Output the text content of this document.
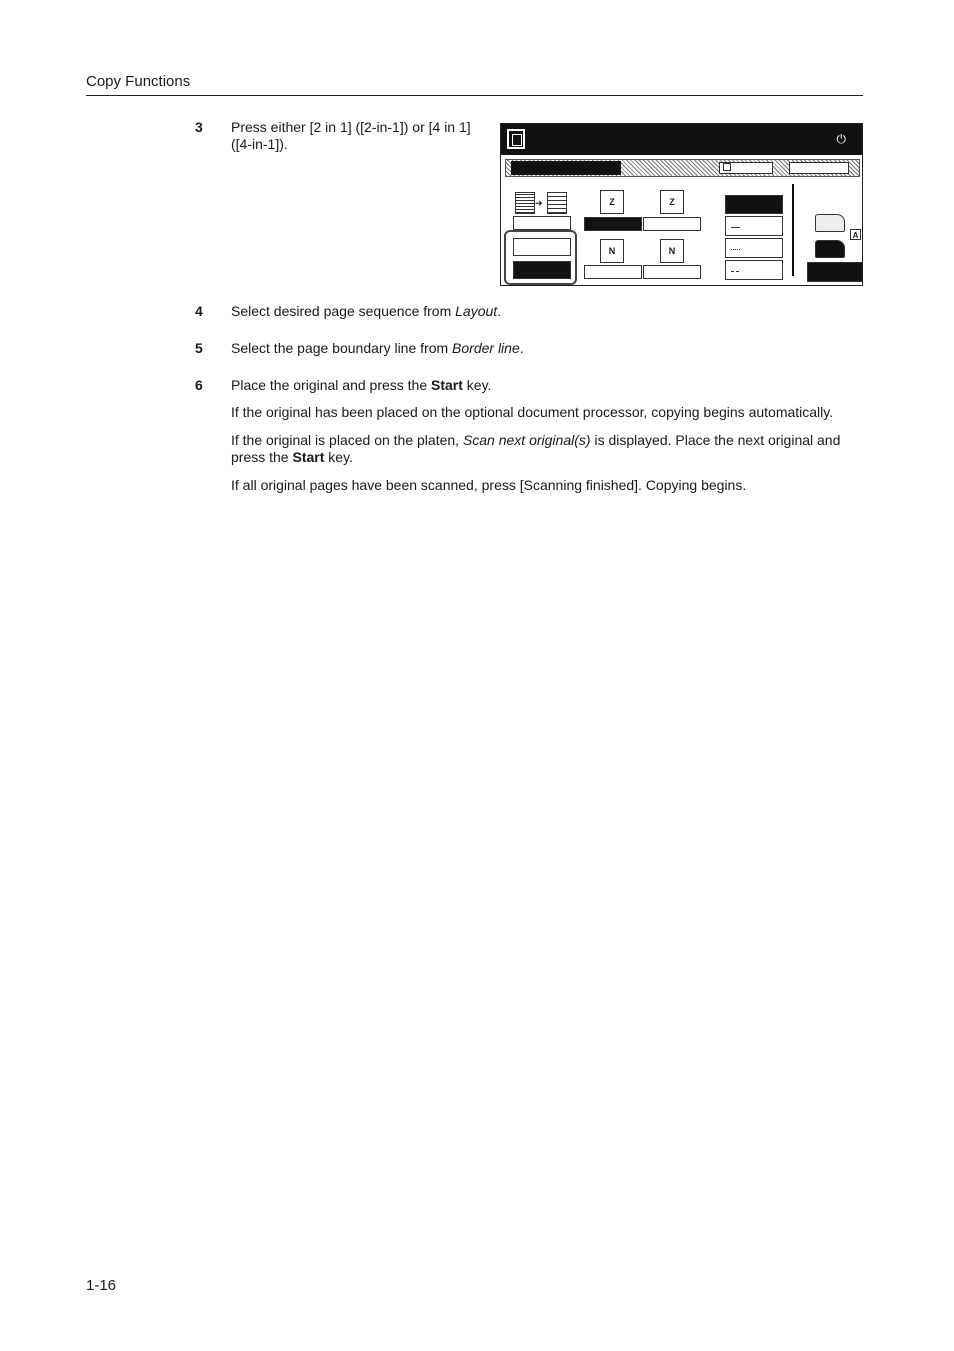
Copy Functions
3 Press either [2 in 1] ([2-in-1]) or [4 in 1] ([4-in-1]).	⏻
➜	Z	Z
N	N
A
4 Select desired page sequence from Layout.
5 Select the page boundary line from Border line.
6 Place the original and press the Start key.
If the original has been placed on the optional document processor, copying begins automatically.
If the original is placed on the platen, Scan next original(s) is displayed. Place the next original and press the Start key.
If all original pages have been scanned, press [Scanning finished]. Copying begins.
1-16
